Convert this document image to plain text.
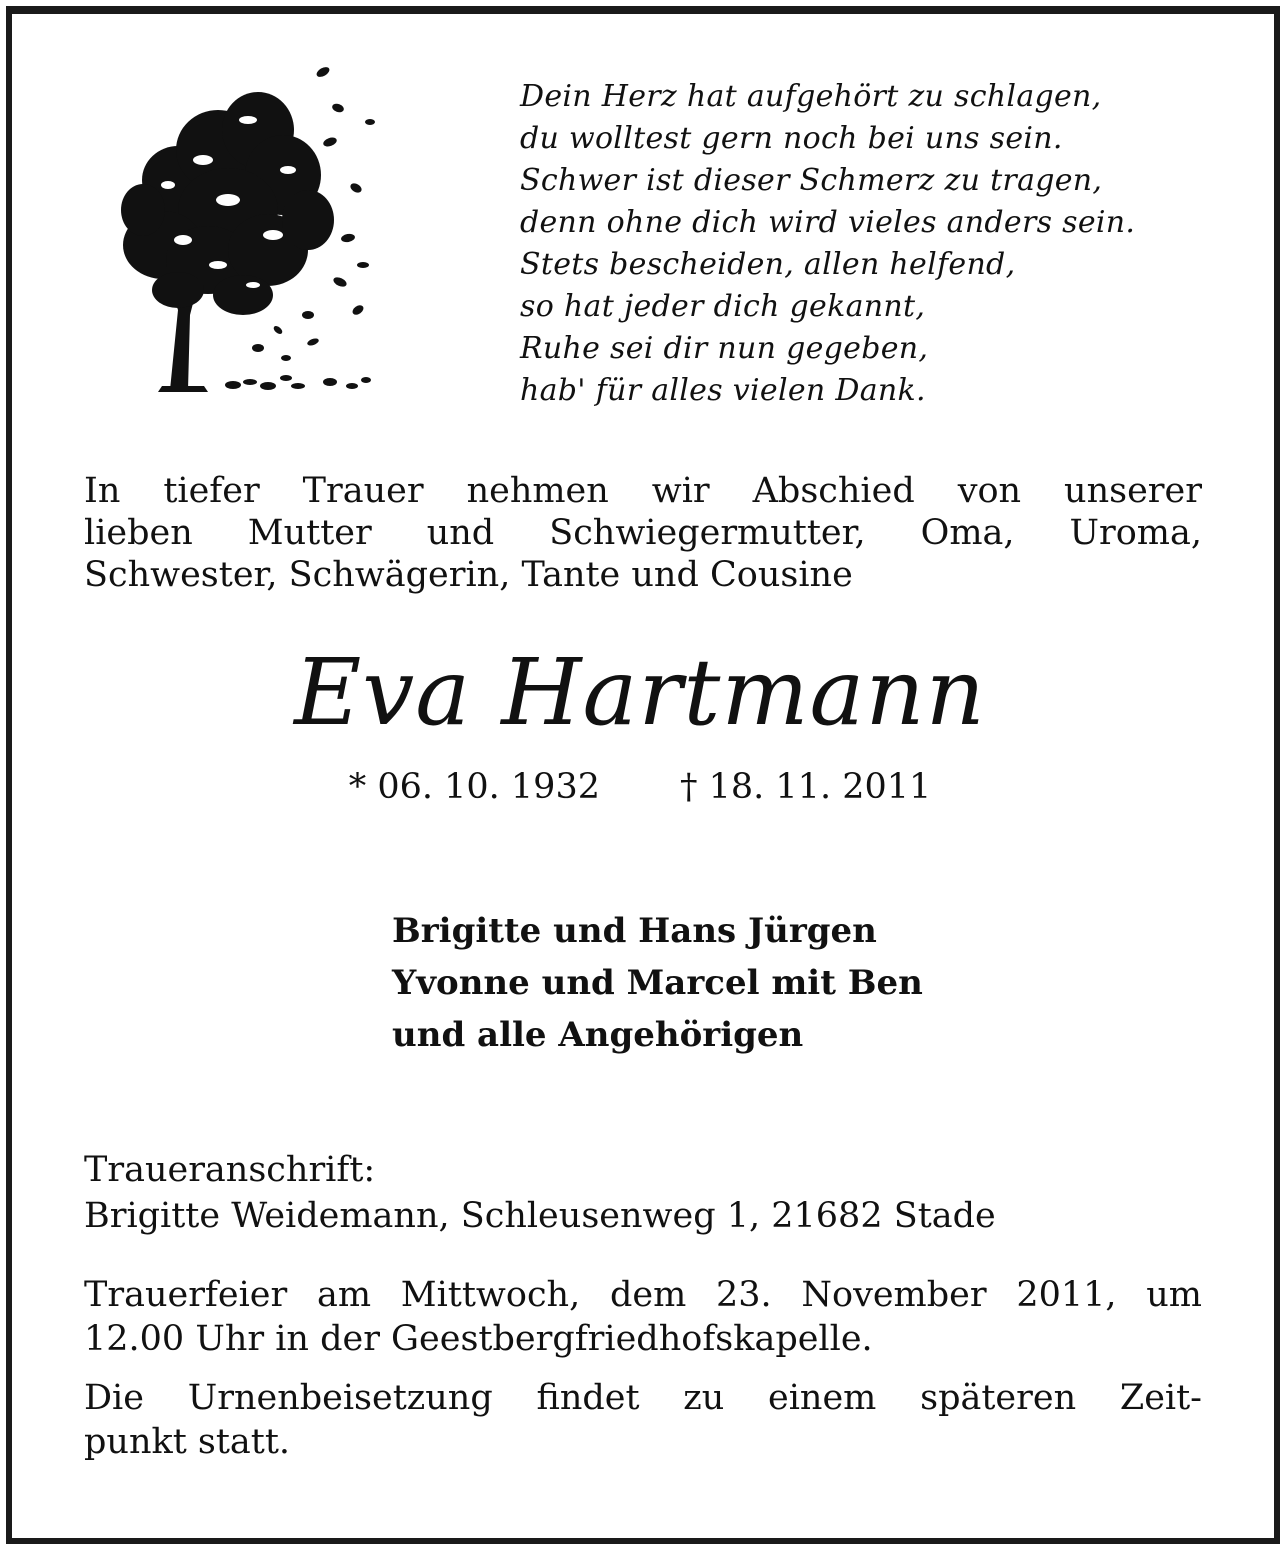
Dein Herz hat aufgehört zu schlagen,
du wolltest gern noch bei uns sein.
Schwer ist dieser Schmerz zu tragen,
denn ohne dich wird vieles anders sein.
Stets bescheiden, allen helfend,
so hat jeder dich gekannt,
Ruhe sei dir nun gegeben,
hab' für alles vielen Dank.
In tiefer Trauer nehmen wir Abschied von unserer
lieben Mutter und Schwiegermutter, Oma, Uroma,
Schwester, Schwägerin, Tante und Cousine
Eva Hartmann
* 06. 10. 1932 † 18. 11. 2011
Brigitte und Hans Jürgen
Yvonne und Marcel mit Ben
und alle Angehörigen
Traueranschrift:
Brigitte Weidemann, Schleusenweg 1, 21682 Stade
Trauerfeier am Mittwoch, dem 23. November 2011, um
12.00 Uhr in der Geestbergfriedhofskapelle.
Die Urnenbeisetzung findet zu einem späteren Zeit-
punkt statt.
